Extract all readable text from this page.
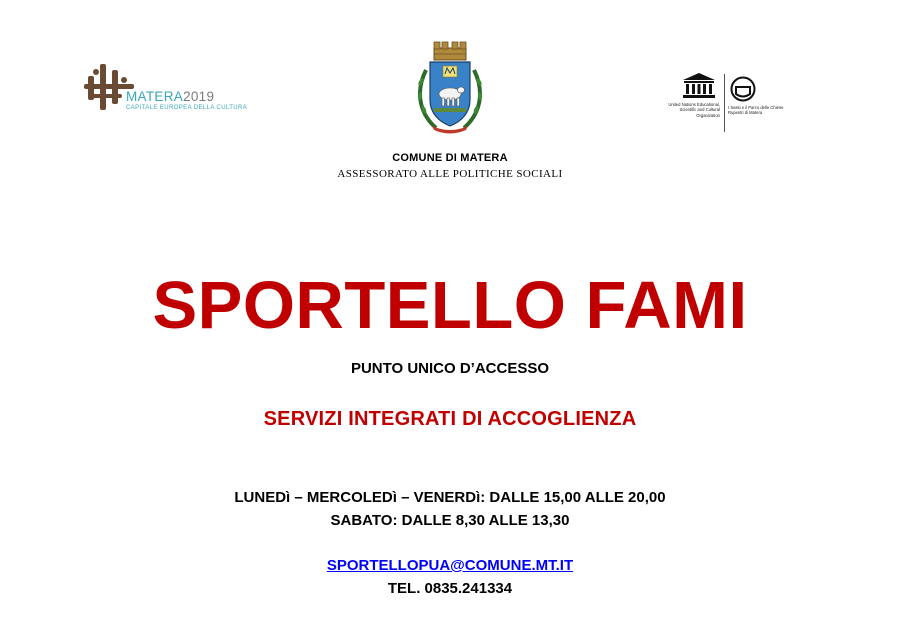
MATERA2019
CAPITALE EUROPEA DELLA CULTURA
United Nations Educational, Scientific and Cultural Organization
I Sassi e il Parco delle Chiese Rupestri di Matera
COMUNE DI MATERA
ASSESSORATO ALLE POLITICHE SOCIALI
SPORTELLO FAMI
PUNTO UNICO D’ACCESSO
SERVIZI INTEGRATI DI ACCOGLIENZA
LUNEDì – MERCOLEDì – VENERDì: DALLE 15,00 ALLE 20,00
SABATO: DALLE 8,30 ALLE 13,30
SPORTELLOPUA@COMUNE.MT.IT
TEL. 0835.241334
